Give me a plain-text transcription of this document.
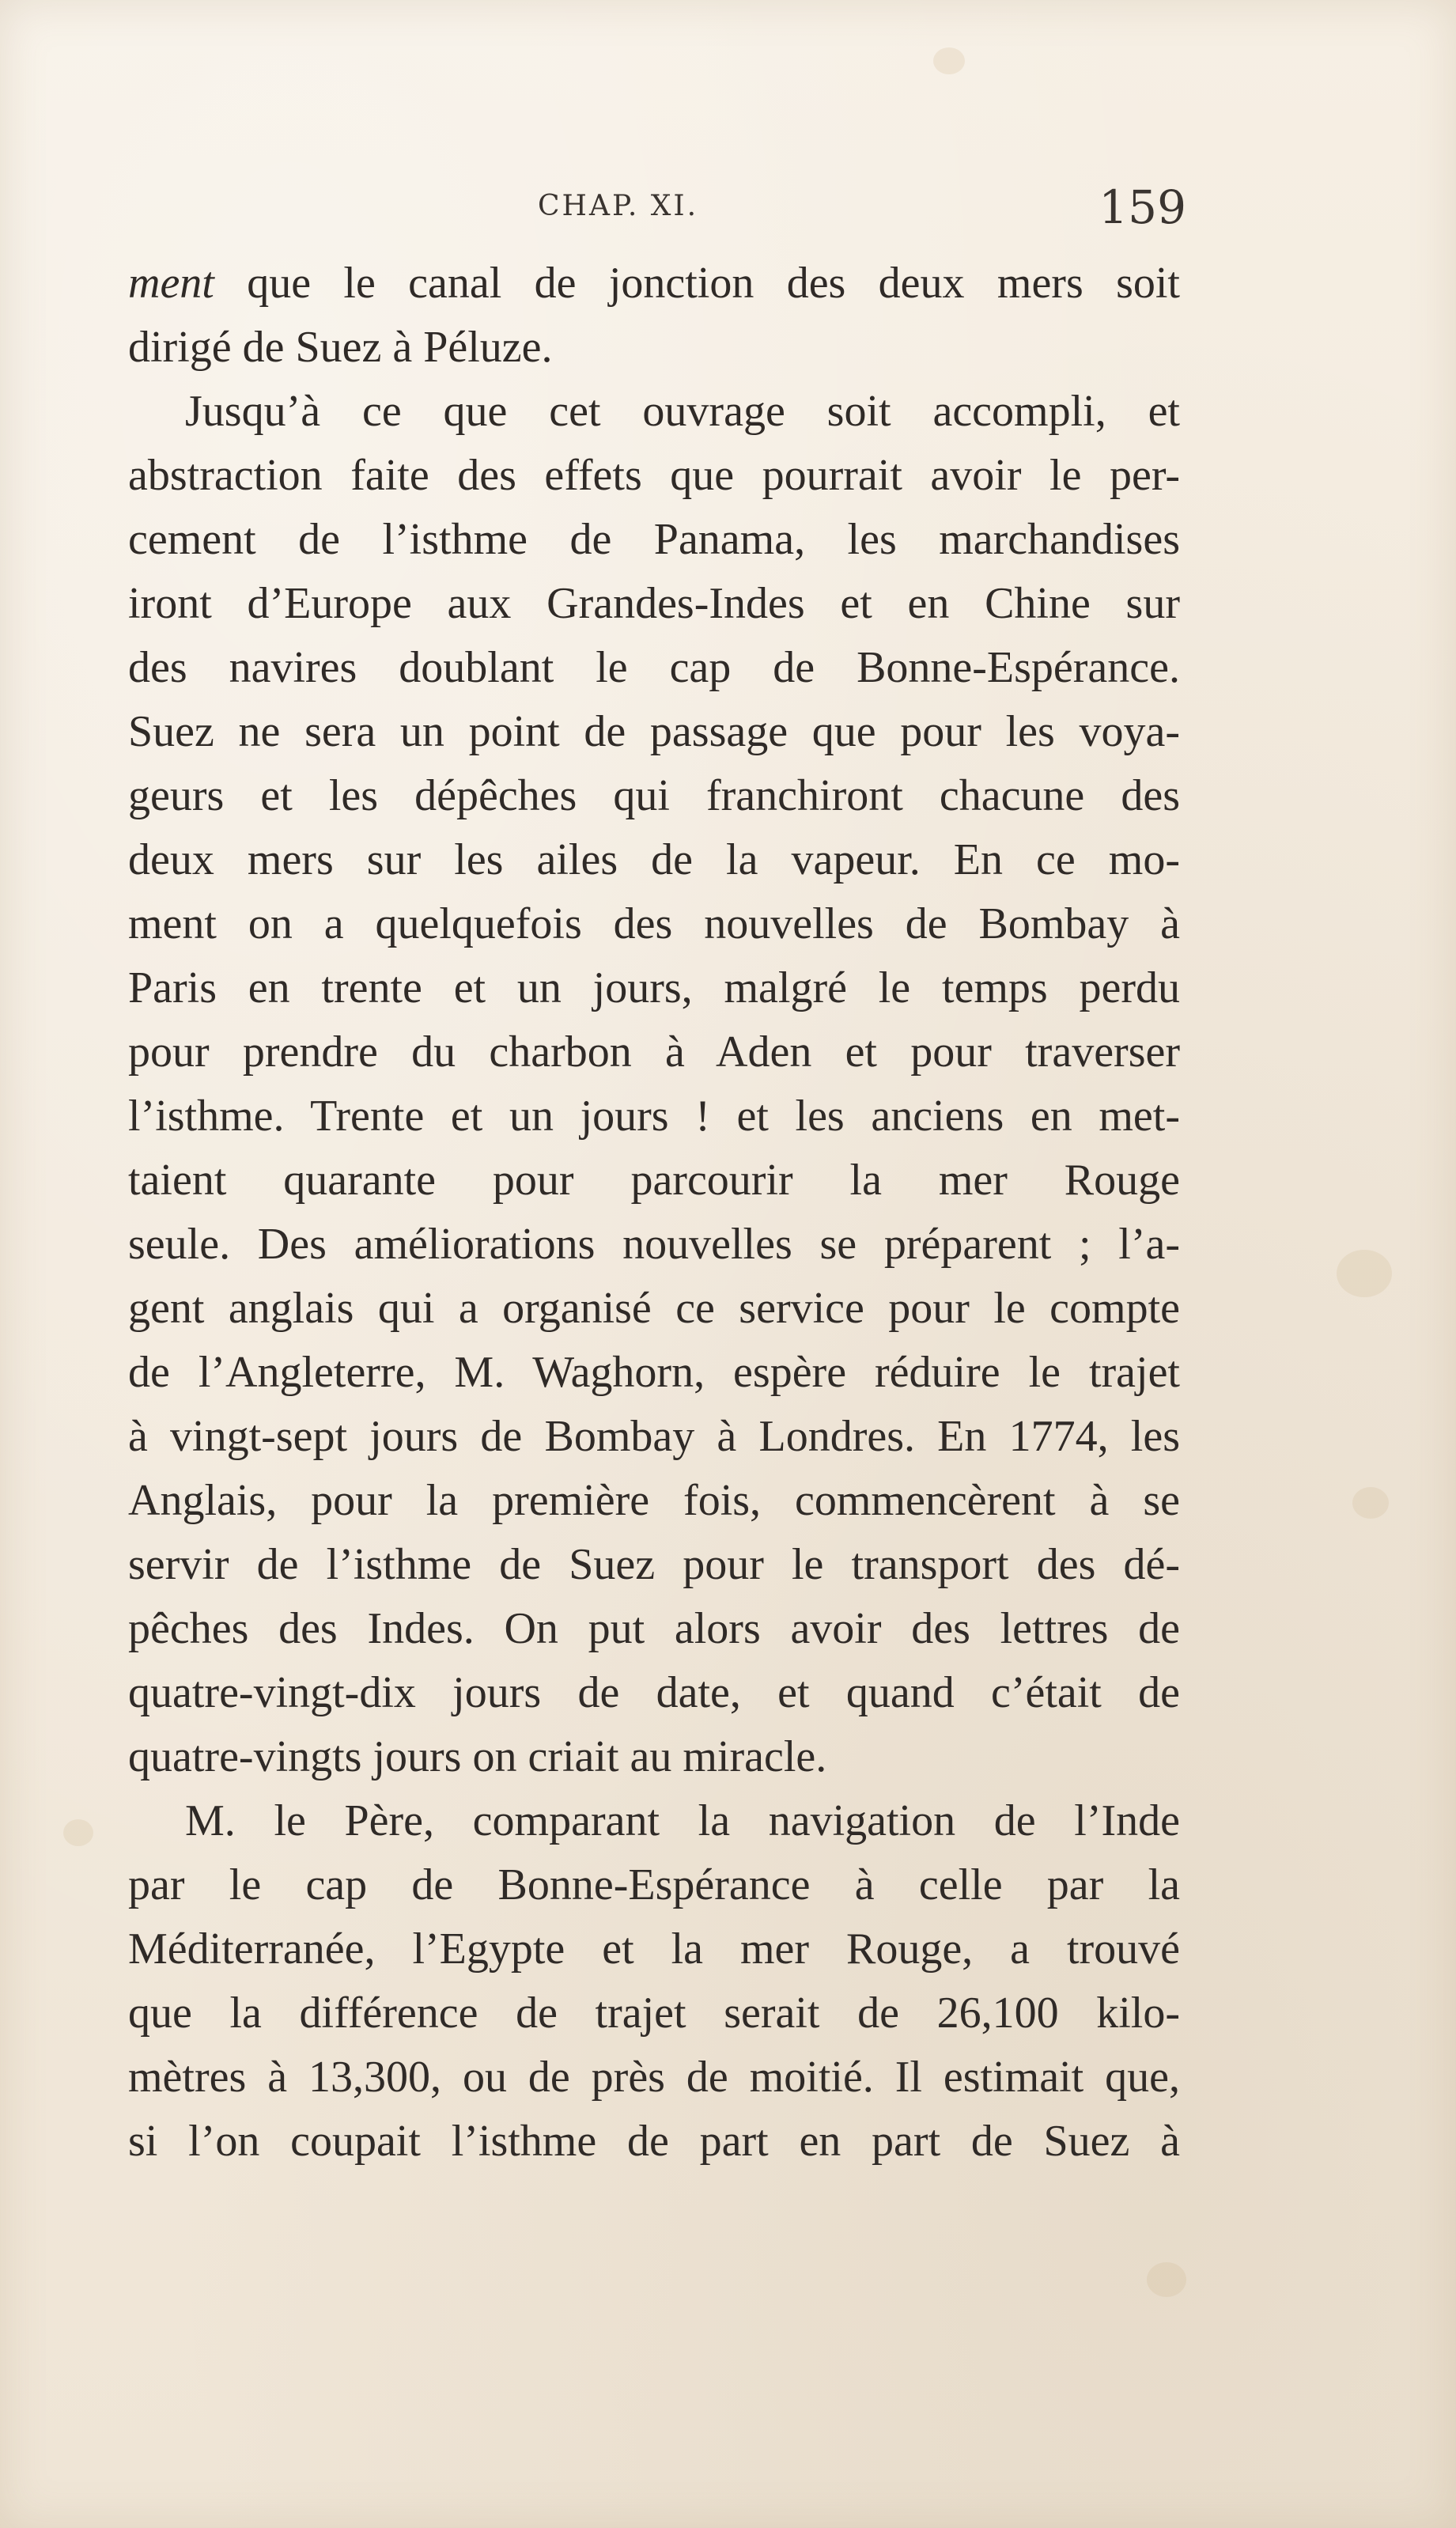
CHAP. XI.	159
ment que le canal de jonction des deux mers soit
dirigé de Suez à Péluze.
Jusqu’à ce que cet ouvrage soit accompli, et
abstraction faite des effets que pourrait avoir le per-
cement de l’isthme de Panama, les marchandises
iront d’Europe aux Grandes-Indes et en Chine sur
des navires doublant le cap de Bonne-Espérance.
Suez ne sera un point de passage que pour les voya-
geurs et les dépêches qui franchiront chacune des
deux mers sur les ailes de la vapeur. En ce mo-
ment on a quelquefois des nouvelles de Bombay à
Paris en trente et un jours, malgré le temps perdu
pour prendre du charbon à Aden et pour traverser
l’isthme. Trente et un jours ! et les anciens en met-
taient quarante pour parcourir la mer Rouge
seule. Des améliorations nouvelles se préparent ; l’a-
gent anglais qui a organisé ce service pour le compte
de l’Angleterre, M. Waghorn, espère réduire le trajet
à vingt-sept jours de Bombay à Londres. En 1774, les
Anglais, pour la première fois, commencèrent à se
servir de l’isthme de Suez pour le transport des dé-
pêches des Indes. On put alors avoir des lettres de
quatre-vingt-dix jours de date, et quand c’était de
quatre-vingts jours on criait au miracle.
M. le Père, comparant la navigation de l’Inde
par le cap de Bonne-Espérance à celle par la
Méditerranée, l’Egypte et la mer Rouge, a trouvé
que la différence de trajet serait de 26,100 kilo-
mètres à 13,300, ou de près de moitié. Il estimait que,
si l’on coupait l’isthme de part en part de Suez à
